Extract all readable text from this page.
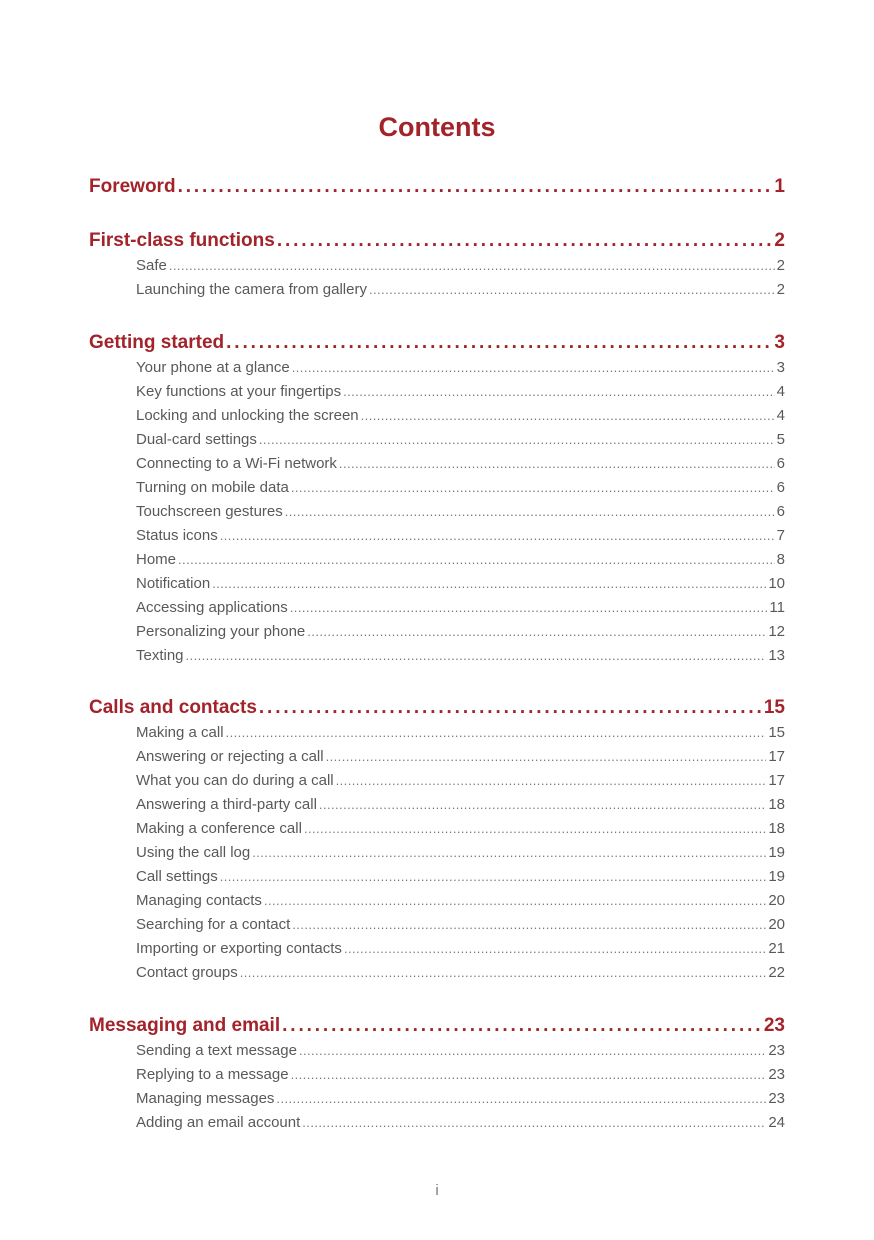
Contents
Foreword . . .	1
First-class functions . . .	2
Safe . . .	2
Launching the camera from gallery . . .	2
Getting started . . .	3
Your phone at a glance . . .	3
Key functions at your fingertips . . .	4
Locking and unlocking the screen . . .	4
Dual-card settings . . .	5
Connecting to a Wi-Fi network . . .	6
Turning on mobile data . . .	6
Touchscreen gestures . . .	6
Status icons . . .	7
Home . . .	8
Notification . . .	10
Accessing applications . . .	11
Personalizing your phone . . .	12
Texting . . .	13
Calls and contacts . . .	15
Making a call . . .	15
Answering or rejecting a call . . .	17
What you can do during a call . . .	17
Answering a third-party call . . .	18
Making a conference call . . .	18
Using the call log . . .	19
Call settings . . .	19
Managing contacts . . .	20
Searching for a contact . . .	20
Importing or exporting contacts . . .	21
Contact groups . . .	22
Messaging and email . . .	23
Sending a text message . . .	23
Replying to a message . . .	23
Managing messages . . .	23
Adding an email account . . .	24
i
